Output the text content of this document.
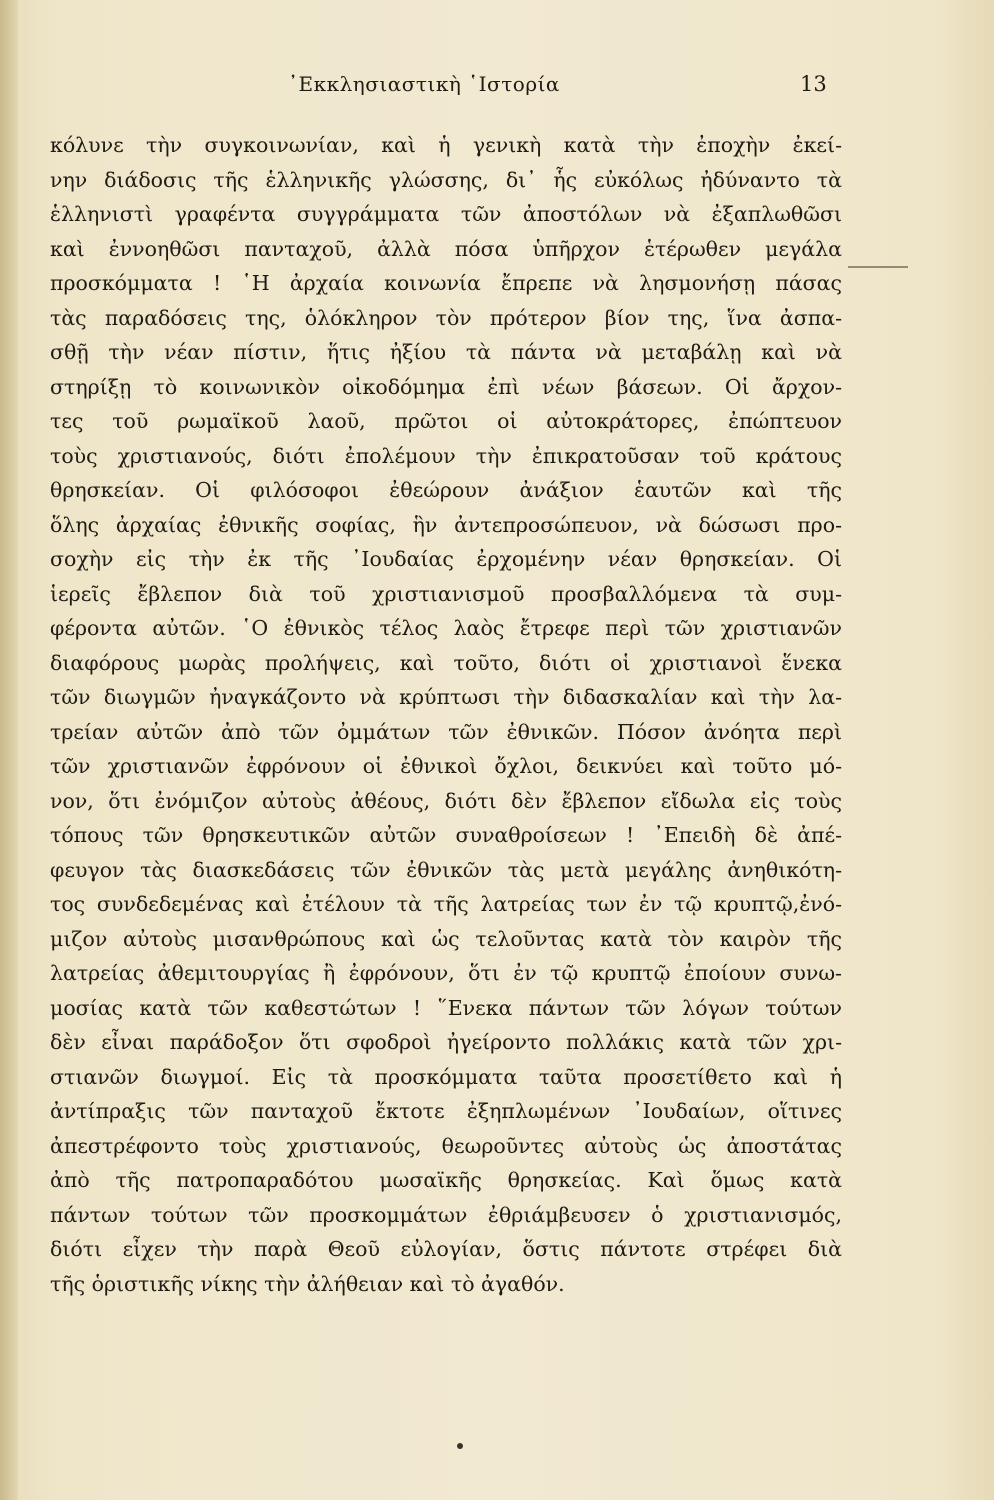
᾽Εκκλησιαστικὴ ῾Ιστορία	13
κόλυνε τὴν συγκοινωνίαν, καὶ ἡ γενικὴ κατὰ τὴν ἐποχὴν ἐκεί-
νην διάδοσις τῆς ἑλληνικῆς γλώσσης, δι᾽ ἧς εὐκόλως ἠδύναντο τὰ
ἑλληνιστὶ γραφέντα συγγράμματα τῶν ἀποστόλων νὰ ἐξαπλωθῶσι
καὶ ἐννοηθῶσι πανταχοῦ, ἀλλὰ πόσα ὑπῆρχον ἑτέρωθεν μεγάλα
προσκόμματα ! ῾Η ἀρχαία κοινωνία ἔπρεπε νὰ λησμονήσῃ πάσας
τὰς παραδόσεις της, ὁλόκληρον τὸν πρότερον βίον της, ἵνα ἀσπα-
σθῇ τὴν νέαν πίστιν, ἥτις ἠξίου τὰ πάντα νὰ μεταβάλῃ καὶ νὰ
στηρίξῃ τὸ κοινωνικὸν οἰκοδόμημα ἐπὶ νέων βάσεων. Οἱ ἄρχον-
τες τοῦ ρωμαϊκοῦ λαοῦ, πρῶτοι οἱ αὐτοκράτορες, ἐπώπτευον
τοὺς χριστιανούς, διότι ἐπολέμουν τὴν ἐπικρατοῦσαν τοῦ κράτους
θρησκείαν. Οἱ φιλόσοφοι ἐθεώρουν ἀνάξιον ἑαυτῶν καὶ τῆς
ὅλης ἀρχαίας ἐθνικῆς σοφίας, ἣν ἀντεπροσώπευον, νὰ δώσωσι προ-
σοχὴν εἰς τὴν ἐκ τῆς ᾽Ιουδαίας ἐρχομένην νέαν θρησκείαν. Οἱ
ἱερεῖς ἔβλεπον διὰ τοῦ χριστιανισμοῦ προσβαλλόμενα τὰ συμ-
φέροντα αὐτῶν. ῾Ο ἐθνικὸς τέλος λαὸς ἔτρεφε περὶ τῶν χριστιανῶν
διαφόρους μωρὰς προλήψεις, καὶ τοῦτο, διότι οἱ χριστιανοὶ ἕνεκα
τῶν διωγμῶν ἠναγκάζοντο νὰ κρύπτωσι τὴν διδασκαλίαν καὶ τὴν λα-
τρείαν αὐτῶν ἀπὸ τῶν ὀμμάτων τῶν ἐθνικῶν. Πόσον ἀνόητα περὶ
τῶν χριστιανῶν ἐφρόνουν οἱ ἐθνικοὶ ὄχλοι, δεικνύει καὶ τοῦτο μό-
νον, ὅτι ἐνόμιζον αὐτοὺς ἀθέους, διότι δὲν ἔβλεπον εἴδωλα εἰς τοὺς
τόπους τῶν θρησκευτικῶν αὐτῶν συναθροίσεων ! ᾽Επειδὴ δὲ ἀπέ-
φευγον τὰς διασκεδάσεις τῶν ἐθνικῶν τὰς μετὰ μεγάλης ἀνηθικότη-
τος συνδεδεμένας καὶ ἐτέλουν τὰ τῆς λατρείας των ἐν τῷ κρυπτῷ,ἐνό-
μιζον αὐτοὺς μισανθρώπους καὶ ὡς τελοῦντας κατὰ τὸν καιρὸν τῆς
λατρείας ἀθεμιτουργίας ἢ ἐφρόνουν, ὅτι ἐν τῷ κρυπτῷ ἐποίουν συνω-
μοσίας κατὰ τῶν καθεστώτων ! ῞Ενεκα πάντων τῶν λόγων τούτων
δὲν εἶναι παράδοξον ὅτι σφοδροὶ ἠγείροντο πολλάκις κατὰ τῶν χρι-
στιανῶν διωγμοί. Εἰς τὰ προσκόμματα ταῦτα προσετίθετο καὶ ἡ
ἀντίπραξις τῶν πανταχοῦ ἔκτοτε ἐξηπλωμένων ᾽Ιουδαίων, οἵτινες
ἀπεστρέφοντο τοὺς χριστιανούς, θεωροῦντες αὐτοὺς ὡς ἀποστάτας
ἀπὸ τῆς πατροπαραδότου μωσαϊκῆς θρησκείας. Καὶ ὅμως κατὰ
πάντων τούτων τῶν προσκομμάτων ἐθριάμβευσεν ὁ χριστιανισμός,
διότι εἶχεν τὴν παρὰ Θεοῦ εὐλογίαν, ὅστις πάντοτε στρέφει διὰ
τῆς ὁριστικῆς νίκης τὴν ἀλήθειαν καὶ τὸ ἀγαθόν.
